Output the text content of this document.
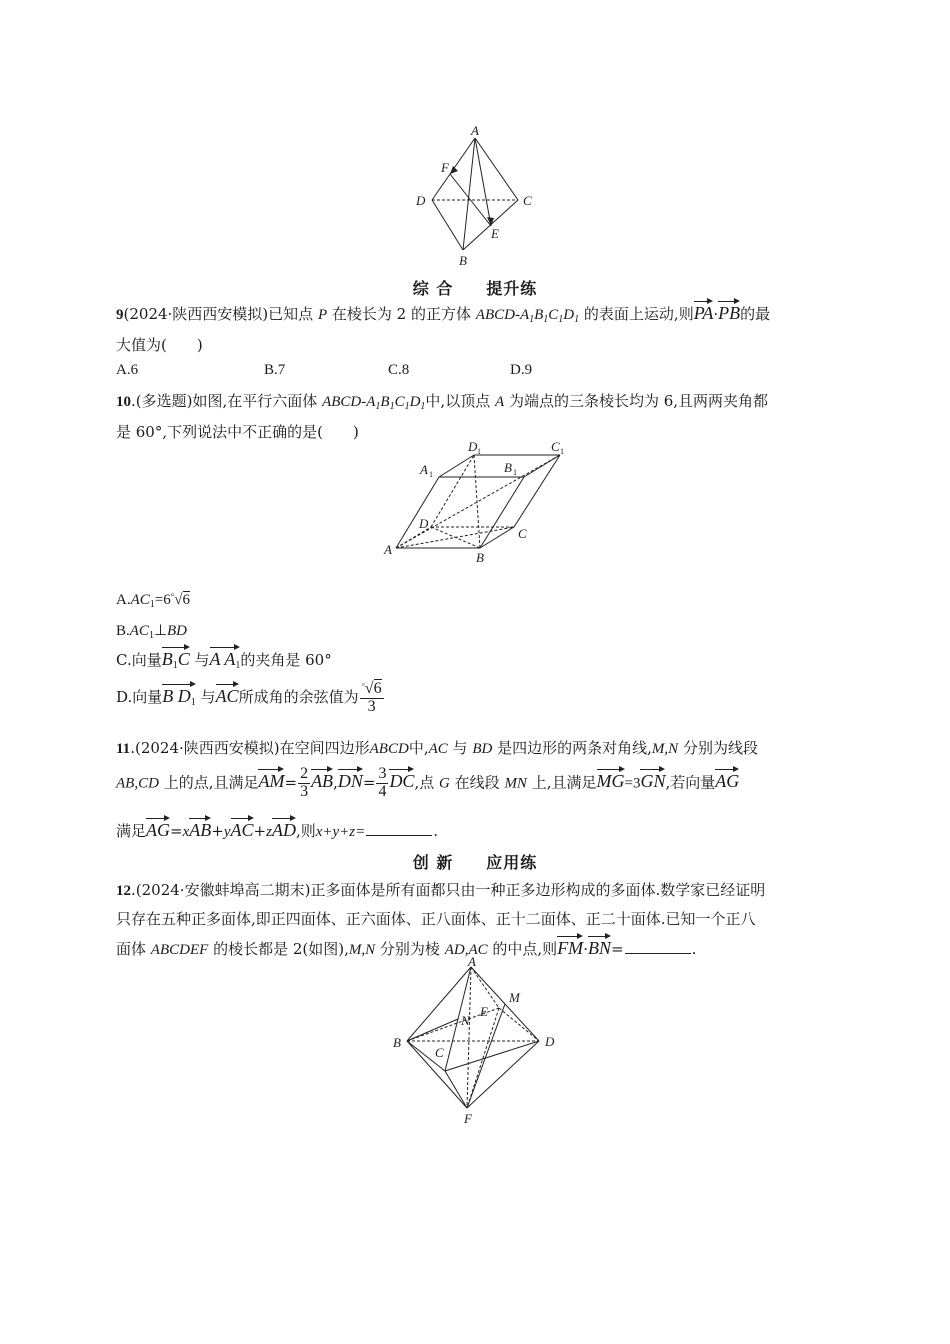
A
F
D	C
E
B
综 合 提升练
9(2024·陕西西安模拟)已知点 P 在棱长为 2 的正方体 ABCD-$A_1B_1C_1D_1$ 的表面上运动,则PA·PB的最
大值为(　　)
A.6	B.7	C.8	D.9
10.(多选题)如图,在平行六面体 ABCD-$A_1B_1C_1D_1$中,以顶点 A 为端点的三条棱长均为 6,且两两夹角都
是 60°,下列说法中不正确的是(　　)
A
B
C
D
A 1	B 1
C 1
D 1
$A.AC_1=6^▫√6$
$B.AC_1\perp BD$
C.向量$B_1C$ 与A $A_1$的夹角是 60°
D.向量B $D_1$ 与AC所成角的余弦值为 $\frac{^▫√6}{3}$
11.(2024·陕西西安模拟)在空间四边形ABCD中,AC 与 BD 是四边形的两条对角线,M,N 分别为线段
AB,CD 上的点,且满足$AM= \frac{2}{3} AB,DN= \frac{3}{4}$ DC,点 G 在线段 MN 上,且满足MG=3GN,若向量AG
满足AG=xAB+yAC+zAD,则x+y+z=	.
创 新 应用练
12.(2024·安徽蚌埠高二期末)正多面体是所有面都只由一种正多边形构成的多面体.数学家已经证明
只存在五种正多面体,即正四面体、正六面体、正八面体、正十二面体、正二十面体.已知一个正八
面体 ABCDEF 的棱长都是 2(如图),M,N 分别为棱 AD,AC 的中点,则FM·BN=	.
A
B
C
D
E
F
M
N
